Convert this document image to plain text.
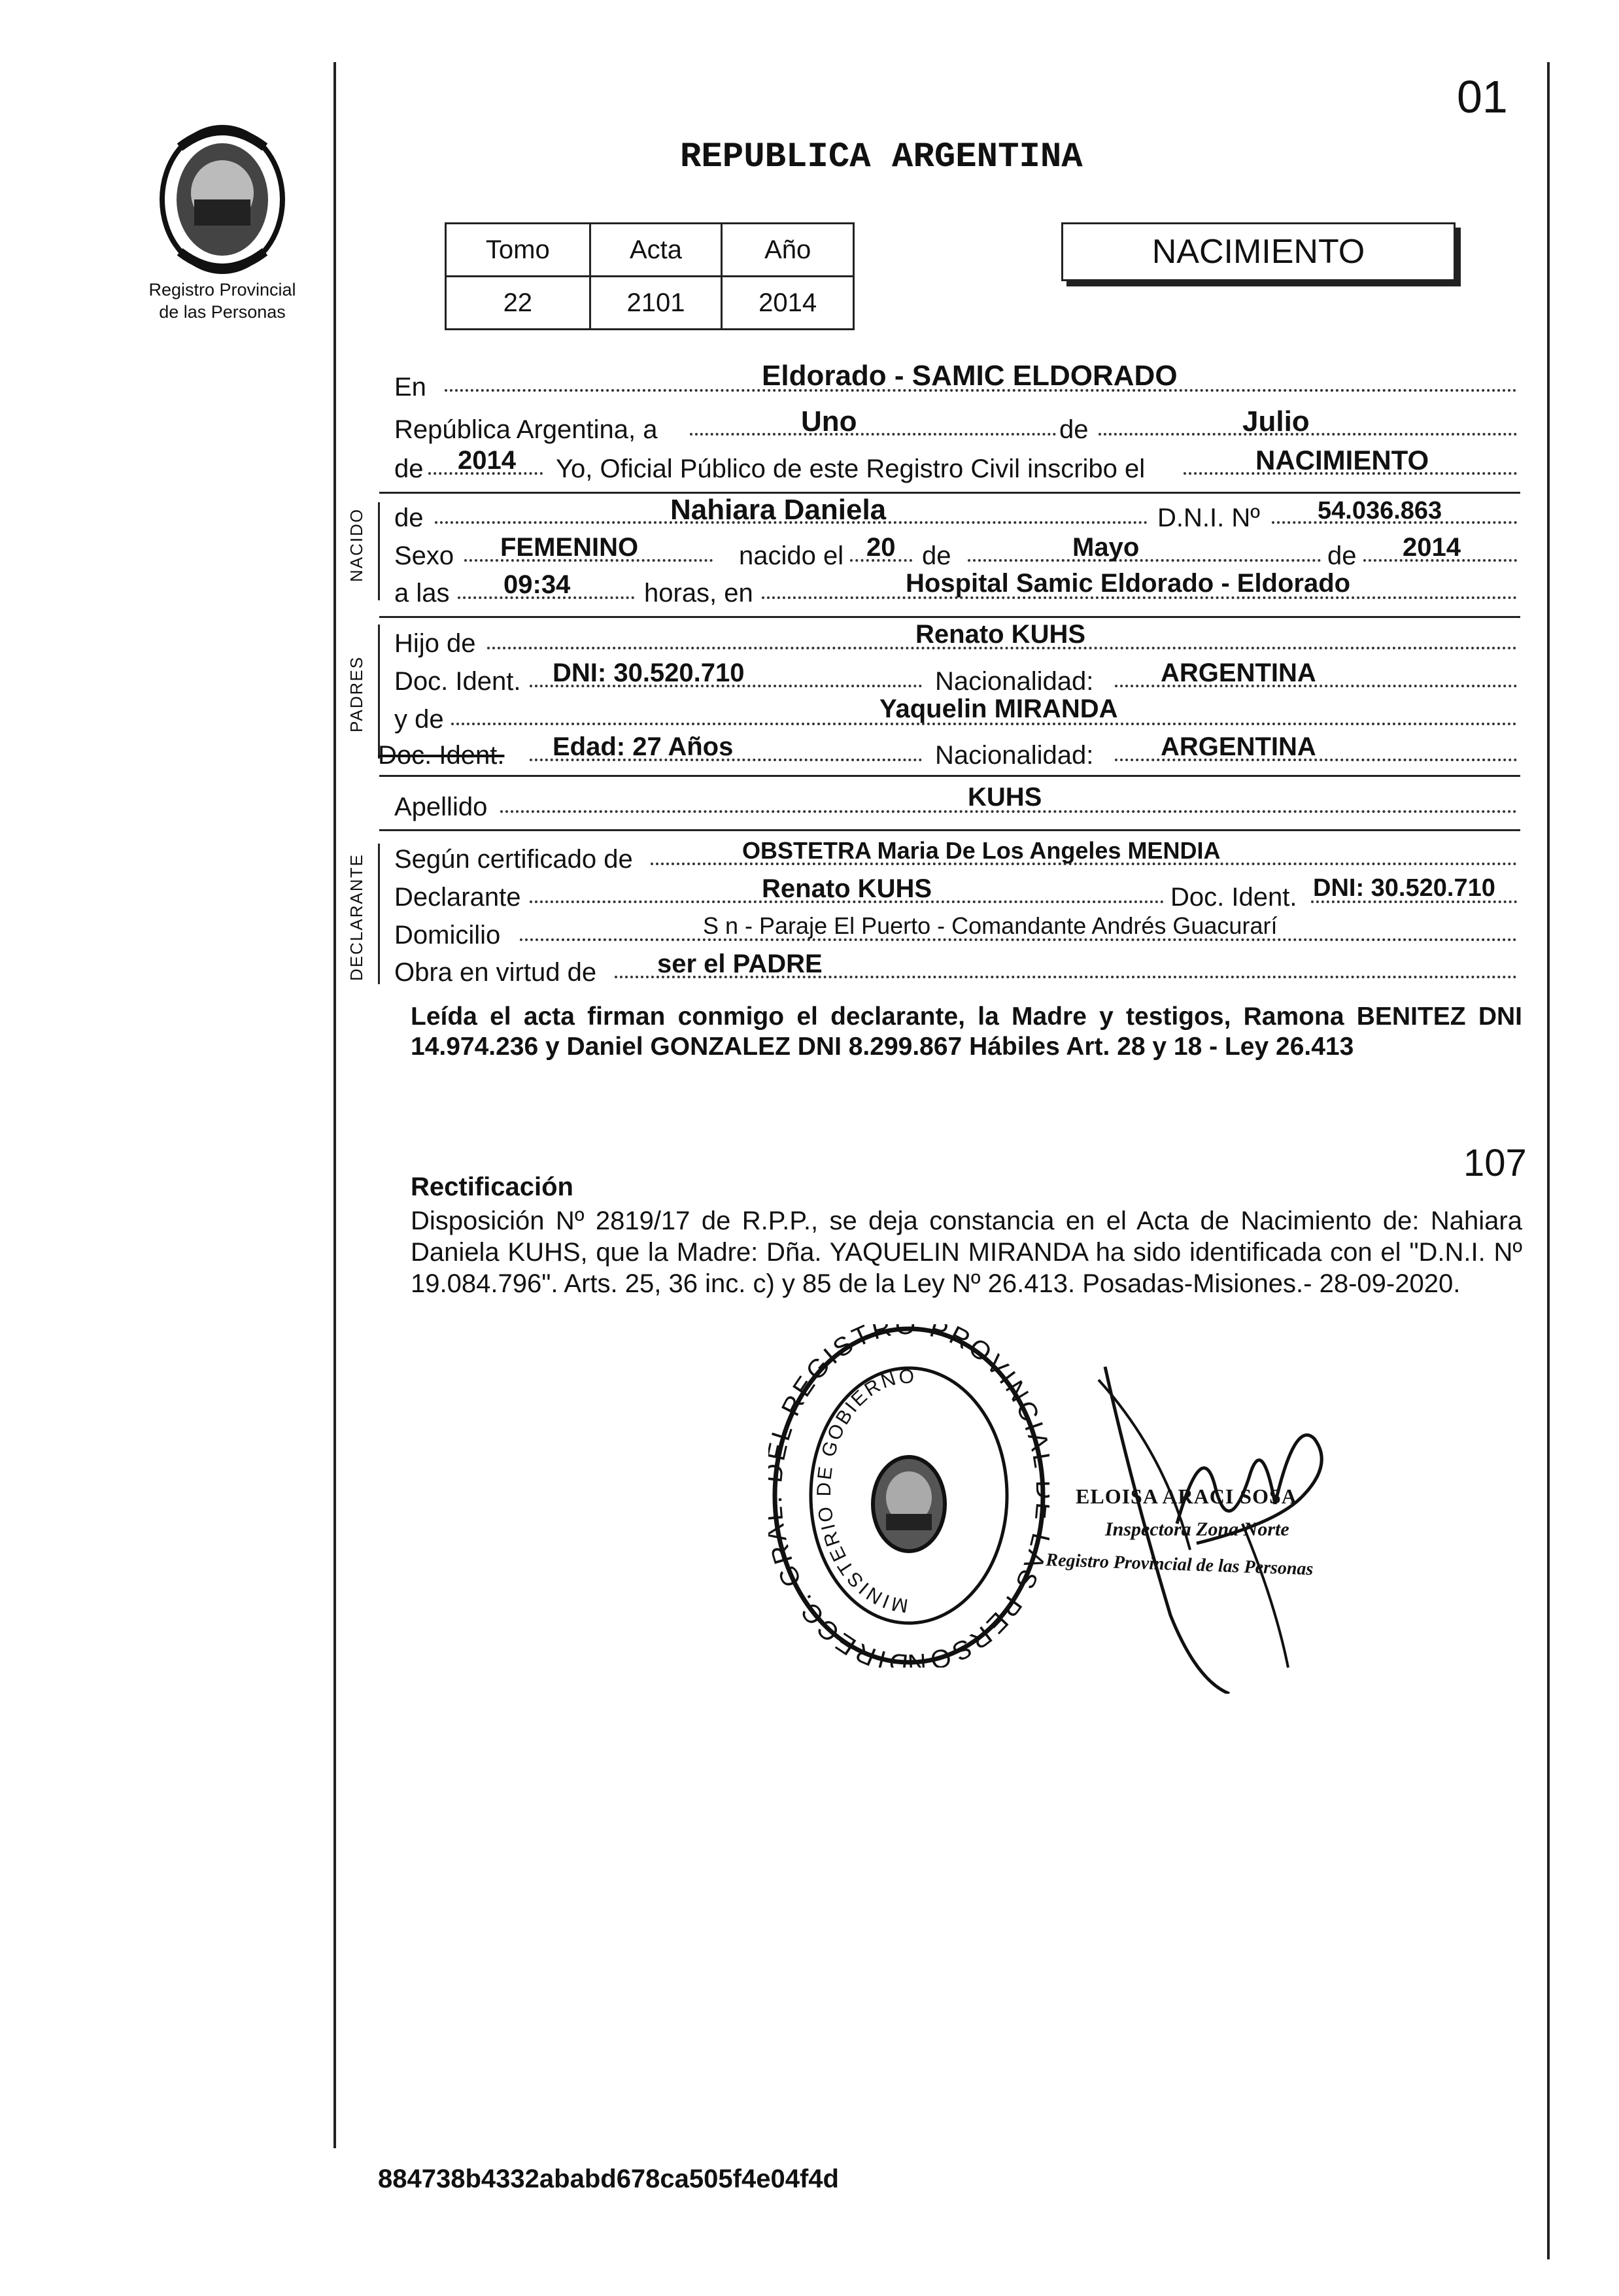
Registro Provincial
de las Personas
01
REPUBLICA ARGENTINA
Tomo	Acta	Año
22	2101	2014
NACIMIENTO
En	Eldorado - SAMIC ELDORADO
República Argentina, a	Uno	de	Julio
de 2014 Yo, Oficial Público de este Registro Civil inscribo el	NACIMIENTO
NACIDO de	Nahiara Daniela	D.N.I. Nº 54.036.863
Sexo FEMENINO	nacido el 20 de	Mayo	de 2014
a las 09:34	horas, en	Hospital Samic Eldorado - Eldorado
PADRES
Hijo de	Renato KUHS
Doc. Ident. DNI: 30.520.710	Nacionalidad:	ARGENTINA
y de	Yaquelin MIRANDA
Doc. Ident. Edad: 27 Años	Nacionalidad:	ARGENTINA
Apellido	KUHS
DECLARANTE Según certificado de	OBSTETRA Maria De Los Angeles MENDIA
Declarante	Renato KUHS	Doc. Ident. DNI: 30.520.710
Domicilio	S n - Paraje El Puerto - Comandante Andrés Guacurarí
Obra en virtud de ser el PADRE
Leída el acta firman conmigo el declarante, la Madre y testigos, Ramona BENITEZ DNI 14.974.236 y Daniel GONZALEZ DNI 8.299.867 Hábiles Art. 28 y 18 - Ley 26.413
107
Rectificación
Disposición Nº 2819/17 de R.P.P., se deja constancia en el Acta de Nacimiento de: Nahiara Daniela KUHS, que la Madre: Dña. YAQUELIN MIRANDA ha sido identificada con el "D.N.I. Nº 19.084.796". Arts. 25, 36 inc. c) y 85 de la Ley Nº 26.413. Posadas-Misiones.- 28-09-2020.
DIRECC. G L REGISTRO PROVINCI AS PERSON
MINISTERIO DE GOBIERNO
ELOISA ARACI SOSA
Inspectora Zona Norte
Registro Provincial de las Personas
884738b4332ababd678ca505f4e04f4d
